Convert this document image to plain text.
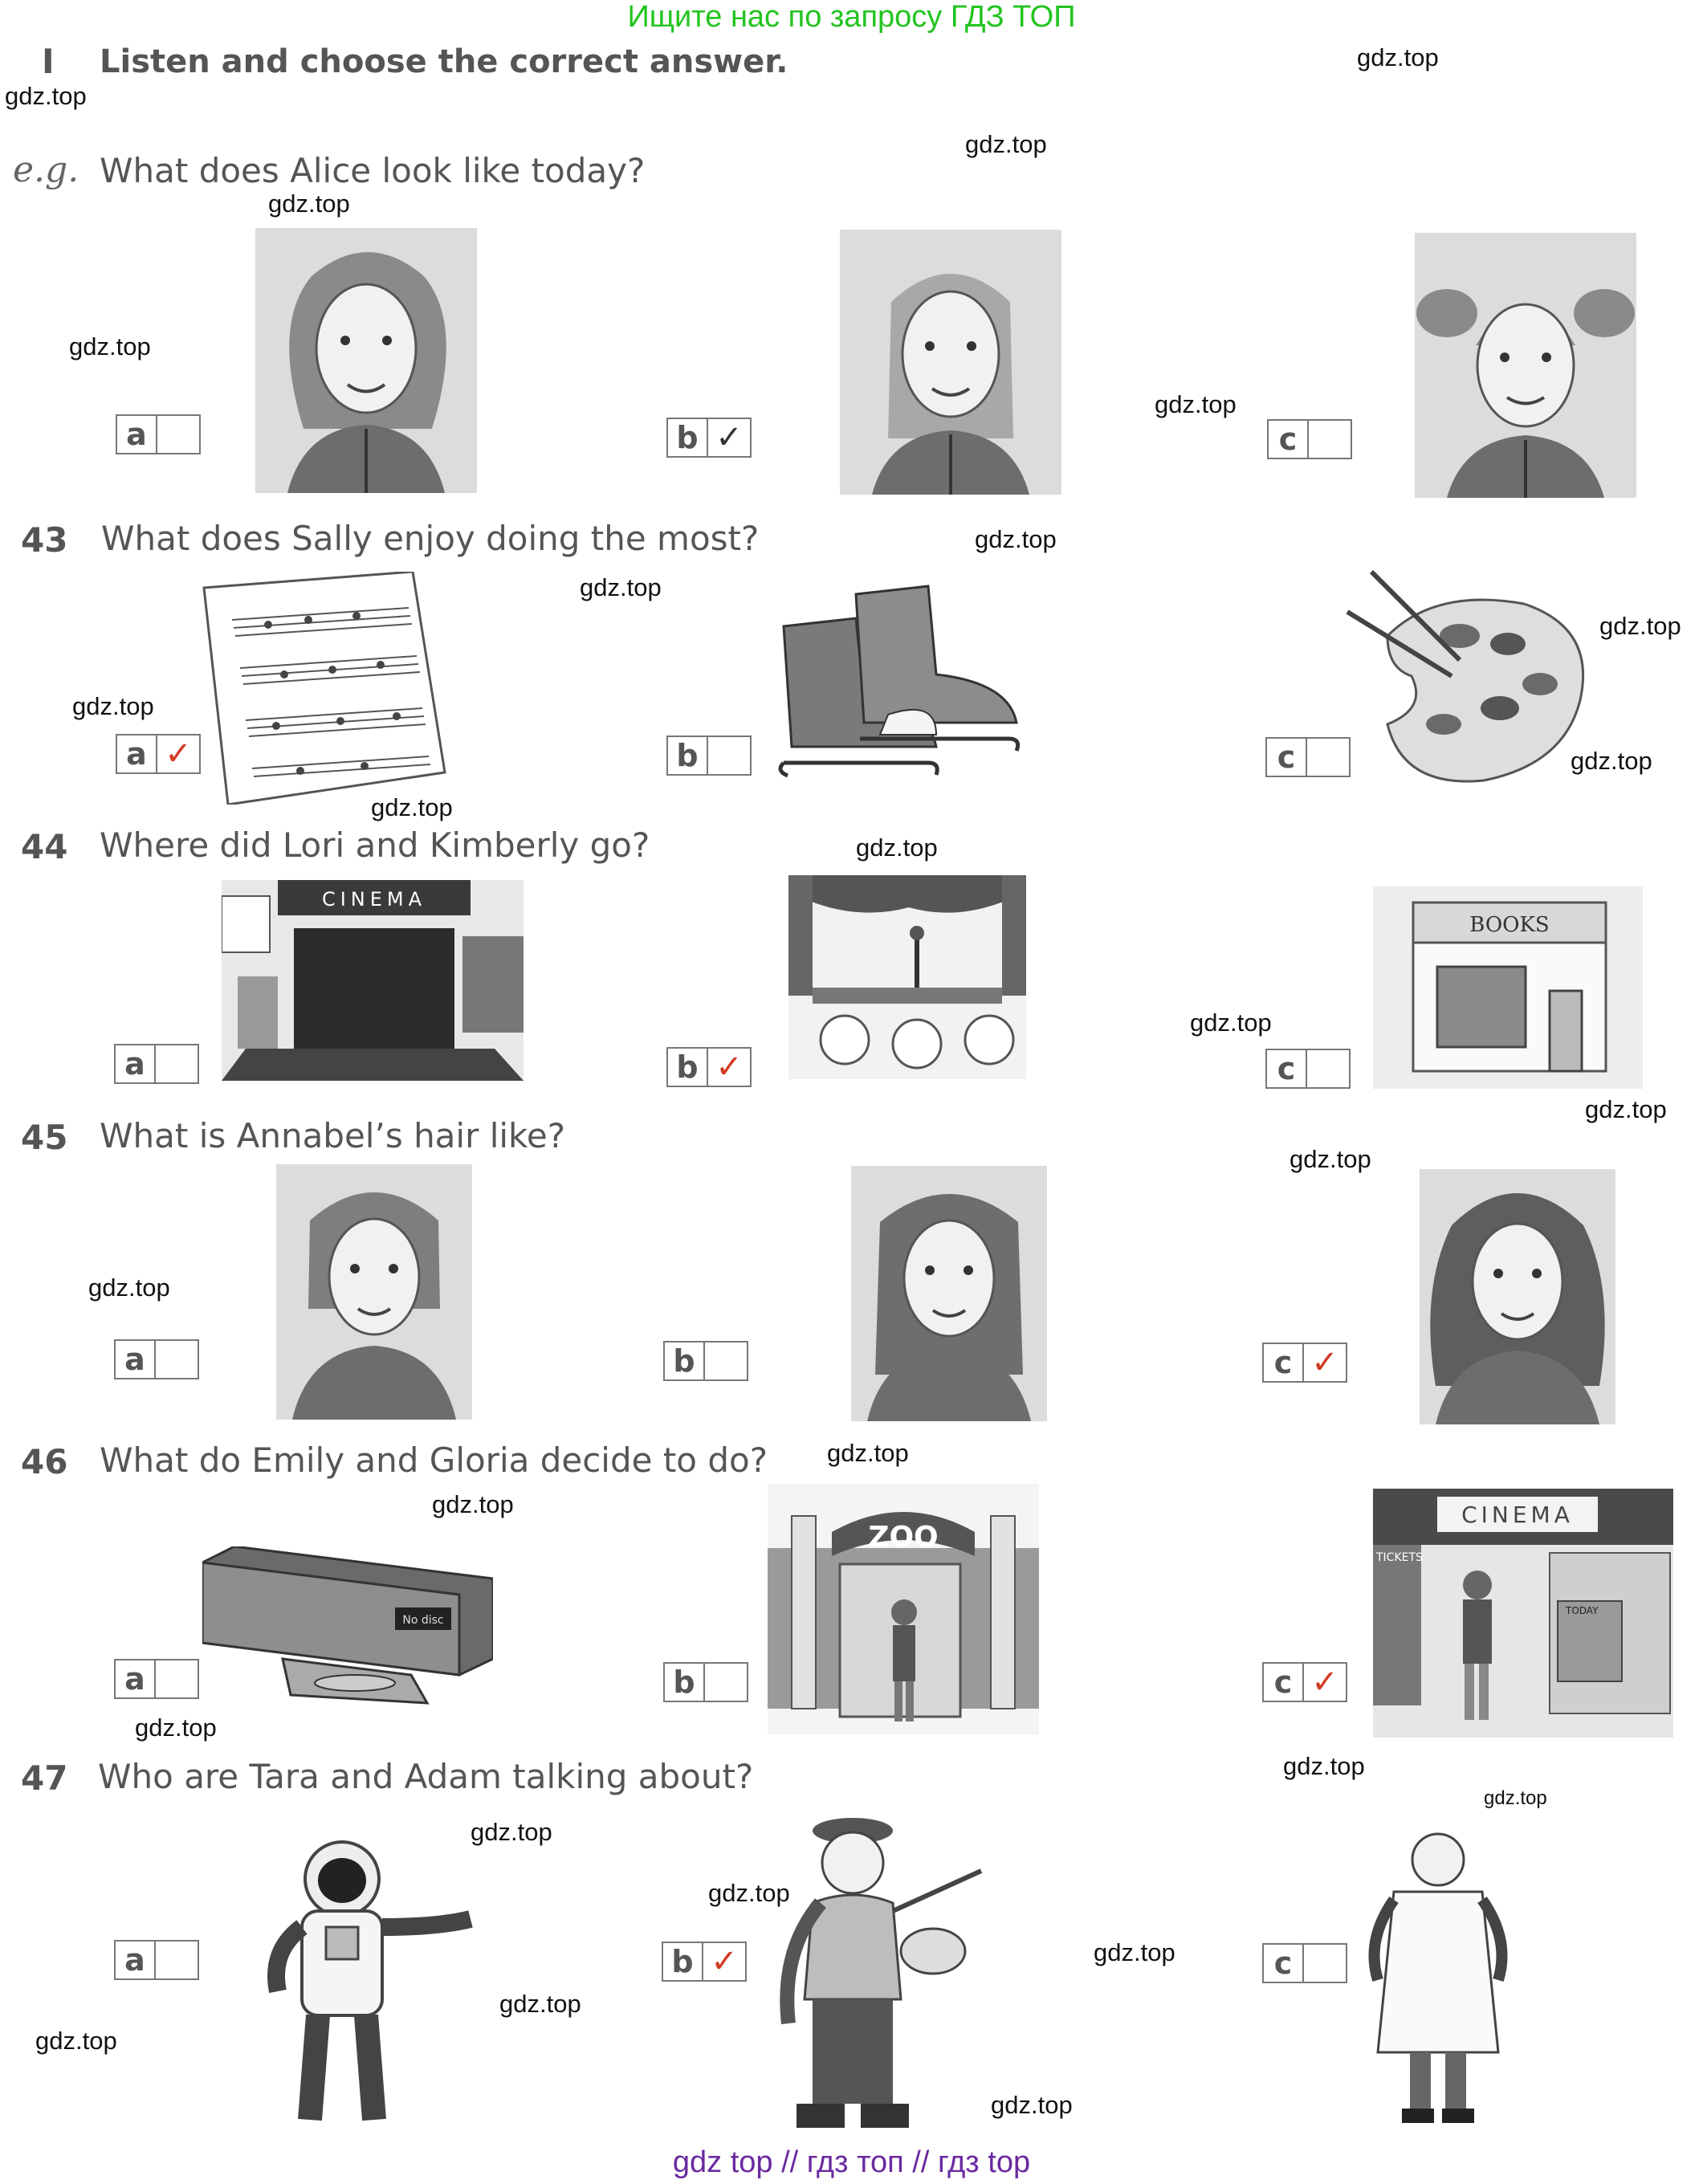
Ищите нас по запросу ГДЗ ТОП
I Listen and choose the correct answer.
e.g. What does Alice look like today?
43 What does Sally enjoy doing the most?
44 Where did Lori and Kimberly go?
45 What is Annabel’s hair like?
46 What do Emily and Gloria decide to do?
47 Who are Tara and Adam talking about?
CINEMA
BOOKS
No disc
ZOO
CINEMA
TICKETS
TODAY
a	b ✓	c
a ✓	b	c
a	b ✓	c
a	b	c ✓
a	b	c ✓
a	b ✓	c
gdz.top
gdz.top
gdz.top
gdz.top
gdz.top
gdz.top
gdz.top
gdz.top
gdz.top
gdz.top
gdz.top
gdz.top
gdz.top
gdz.top
gdz.top
gdz.top
gdz.top
gdz.top
gdz.top
gdz.top
gdz.top
gdz.top
gdz.top
gdz.top
gdz.top
gdz.top
gdz.top
gdz.top
gdz top // гдз топ // гдз top
